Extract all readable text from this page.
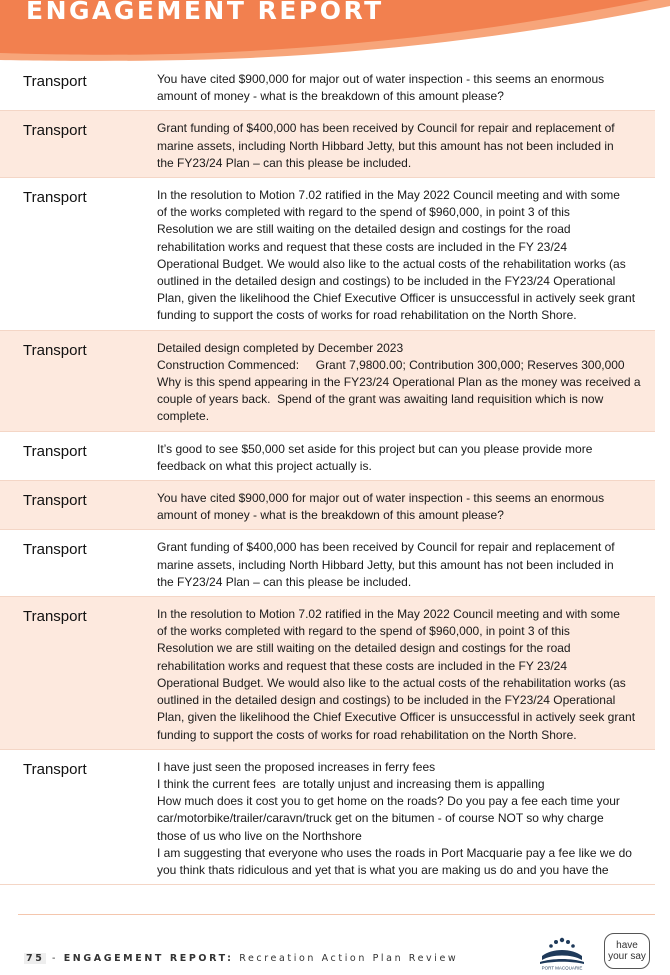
ENGAGEMENT REPORT
Transport	You have cited $900,000 for major out of water inspection - this seems an enormous
amount of money - what is the breakdown of this amount please?
Transport	Grant funding of $400,000 has been received by Council for repair and replacement of
marine assets, including North Hibbard Jetty, but this amount has not been included in
the FY23/24 Plan – can this please be included.
Transport	In the resolution to Motion 7.02 ratified in the May 2022 Council meeting and with some
of the works completed with regard to the spend of $960,000, in point 3 of this
Resolution we are still waiting on the detailed design and costings for the road
rehabilitation works and request that these costs are included in the FY 23/24
Operational Budget. We would also like to the actual costs of the rehabilitation works (as
outlined in the detailed design and costings) to be included in the FY23/24 Operational
Plan, given the likelihood the Chief Executive Officer is unsuccessful in actively seek grant
funding to support the costs of works for road rehabilitation on the North Shore.
Transport	Detailed design completed by December 2023
Construction Commenced:     Grant 7,9800.00; Contribution 300,000; Reserves 300,000
Why is this spend appearing in the FY23/24 Operational Plan as the money was received a
couple of years back.  Spend of the grant was awaiting land requisition which is now
complete.
Transport	It’s good to see $50,000 set aside for this project but can you please provide more
feedback on what this project actually is.
Transport	You have cited $900,000 for major out of water inspection - this seems an enormous
amount of money - what is the breakdown of this amount please?
Transport	Grant funding of $400,000 has been received by Council for repair and replacement of
marine assets, including North Hibbard Jetty, but this amount has not been included in
the FY23/24 Plan – can this please be included.
Transport	In the resolution to Motion 7.02 ratified in the May 2022 Council meeting and with some
of the works completed with regard to the spend of $960,000, in point 3 of this
Resolution we are still waiting on the detailed design and costings for the road
rehabilitation works and request that these costs are included in the FY 23/24
Operational Budget. We would also like to the actual costs of the rehabilitation works (as
outlined in the detailed design and costings) to be included in the FY23/24 Operational
Plan, given the likelihood the Chief Executive Officer is unsuccessful in actively seek grant
funding to support the costs of works for road rehabilitation on the North Shore.
Transport	I have just seen the proposed increases in ferry fees
I think the current fees  are totally unjust and increasing them is appalling
How much does it cost you to get home on the roads? Do you pay a fee each time your
car/motorbike/trailer/caravn/truck get on the bitumen - of course NOT so why charge
those of us who live on the Northshore
I am suggesting that everyone who uses the roads in Port Macquarie pay a fee like we do
you think thats ridiculous and yet that is what you are making us do and you have the
75 - ENGAGEMENT REPORT: Recreation Action Plan Review
PORT MACQUARIE
have
your say
